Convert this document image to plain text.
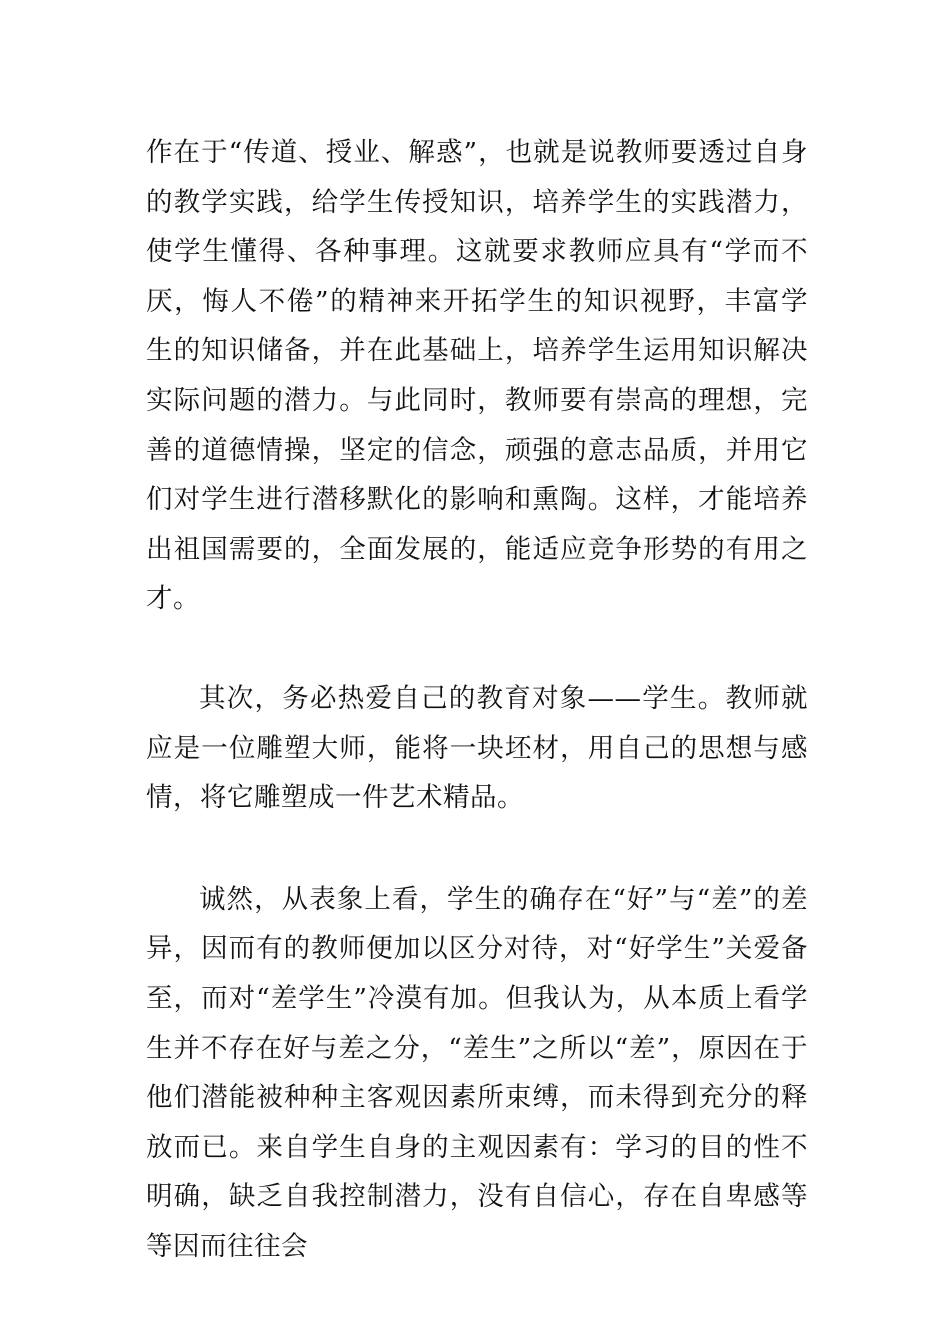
作在于“传道、授业、解惑”，也就是说教师要透过自身的教学实践，给学生传授知识，培养学生的实践潜力，使学生懂得、各种事理。这就要求教师应具有“学而不厌，悔人不倦”的精神来开拓学生的知识视野，丰富学生的知识储备，并在此基础上，培养学生运用知识解决实际问题的潜力。与此同时，教师要有崇高的理想，完善的道德情操，坚定的信念，顽强的意志品质，并用它们对学生进行潜移默化的影响和熏陶。这样，才能培养出祖国需要的，全面发展的，能适应竞争形势的有用之才。

其次，务必热爱自己的教育对象——学生。教师就应是一位雕塑大师，能将一块坯材，用自己的思想与感情，将它雕塑成一件艺术精品。

诚然，从表象上看，学生的确存在“好”与“差”的差异，因而有的教师便加以区分对待，对“好学生”关爱备至，而对“差学生”冷漠有加。但我认为，从本质上看学生并不存在好与差之分，“差生”之所以“差”，原因在于他们潜能被种种主客观因素所束缚，而未得到充分的释放而已。来自学生自身的主观因素有：学习的目的性不明确，缺乏自我控制潜力，没有自信心，存在自卑感等等因而往往会
